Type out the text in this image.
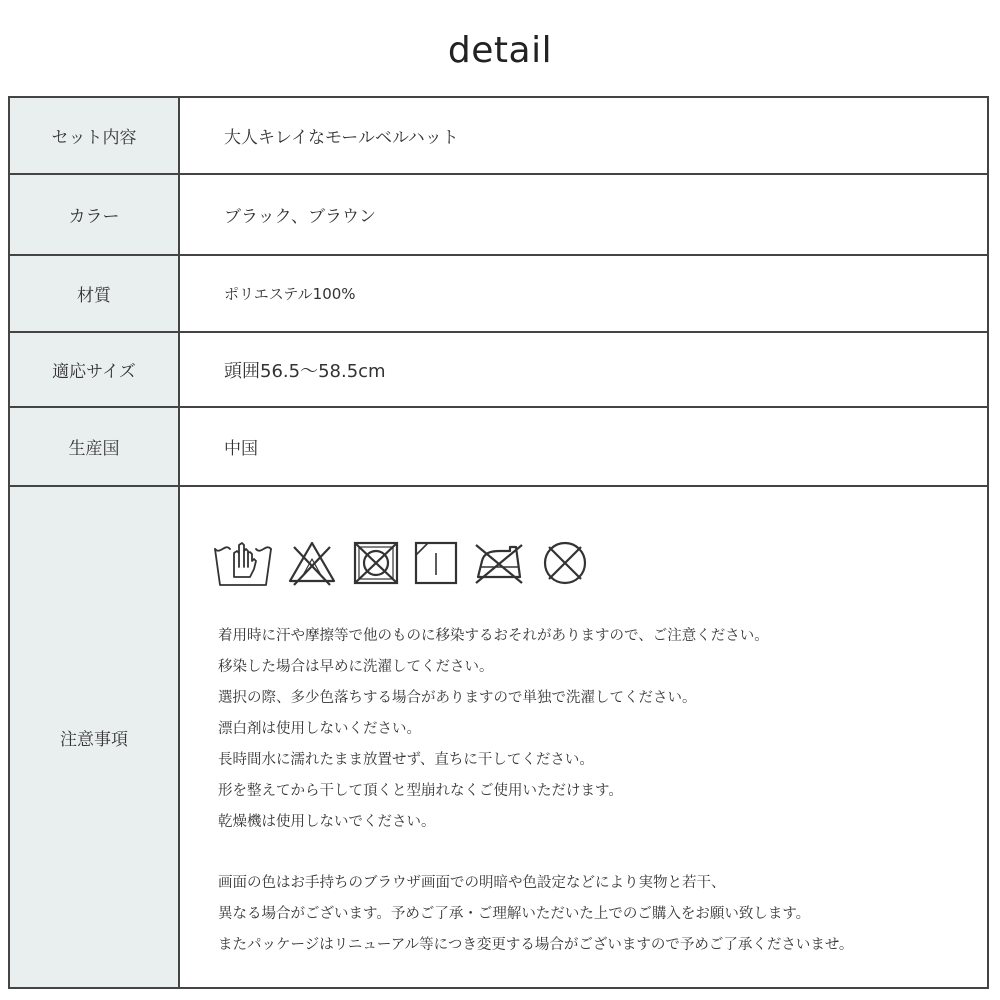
detail
セット内容	大人キレイなモールベルハット
カラー	ブラック、ブラウン
材質	ポリエステル100%
適応サイズ	頭囲56.5～58.5cm
生産国	中国
注意事項
着用時に汗や摩擦等で他のものに移染するおそれがありますので、ご注意ください。
移染した場合は早めに洗濯してください。
選択の際、多少色落ちする場合がありますので単独で洗濯してください。
漂白剤は使用しないください。
長時間水に濡れたまま放置せず、直ちに干してください。
形を整えてから干して頂くと型崩れなくご使用いただけます。
乾燥機は使用しないでください。
画面の色はお手持ちのブラウザ画面での明暗や色設定などにより実物と若干、
異なる場合がございます。予めご了承・ご理解いただいた上でのご購入をお願い致します。
またパッケージはリニューアル等につき変更する場合がございますので予めご了承くださいませ。
